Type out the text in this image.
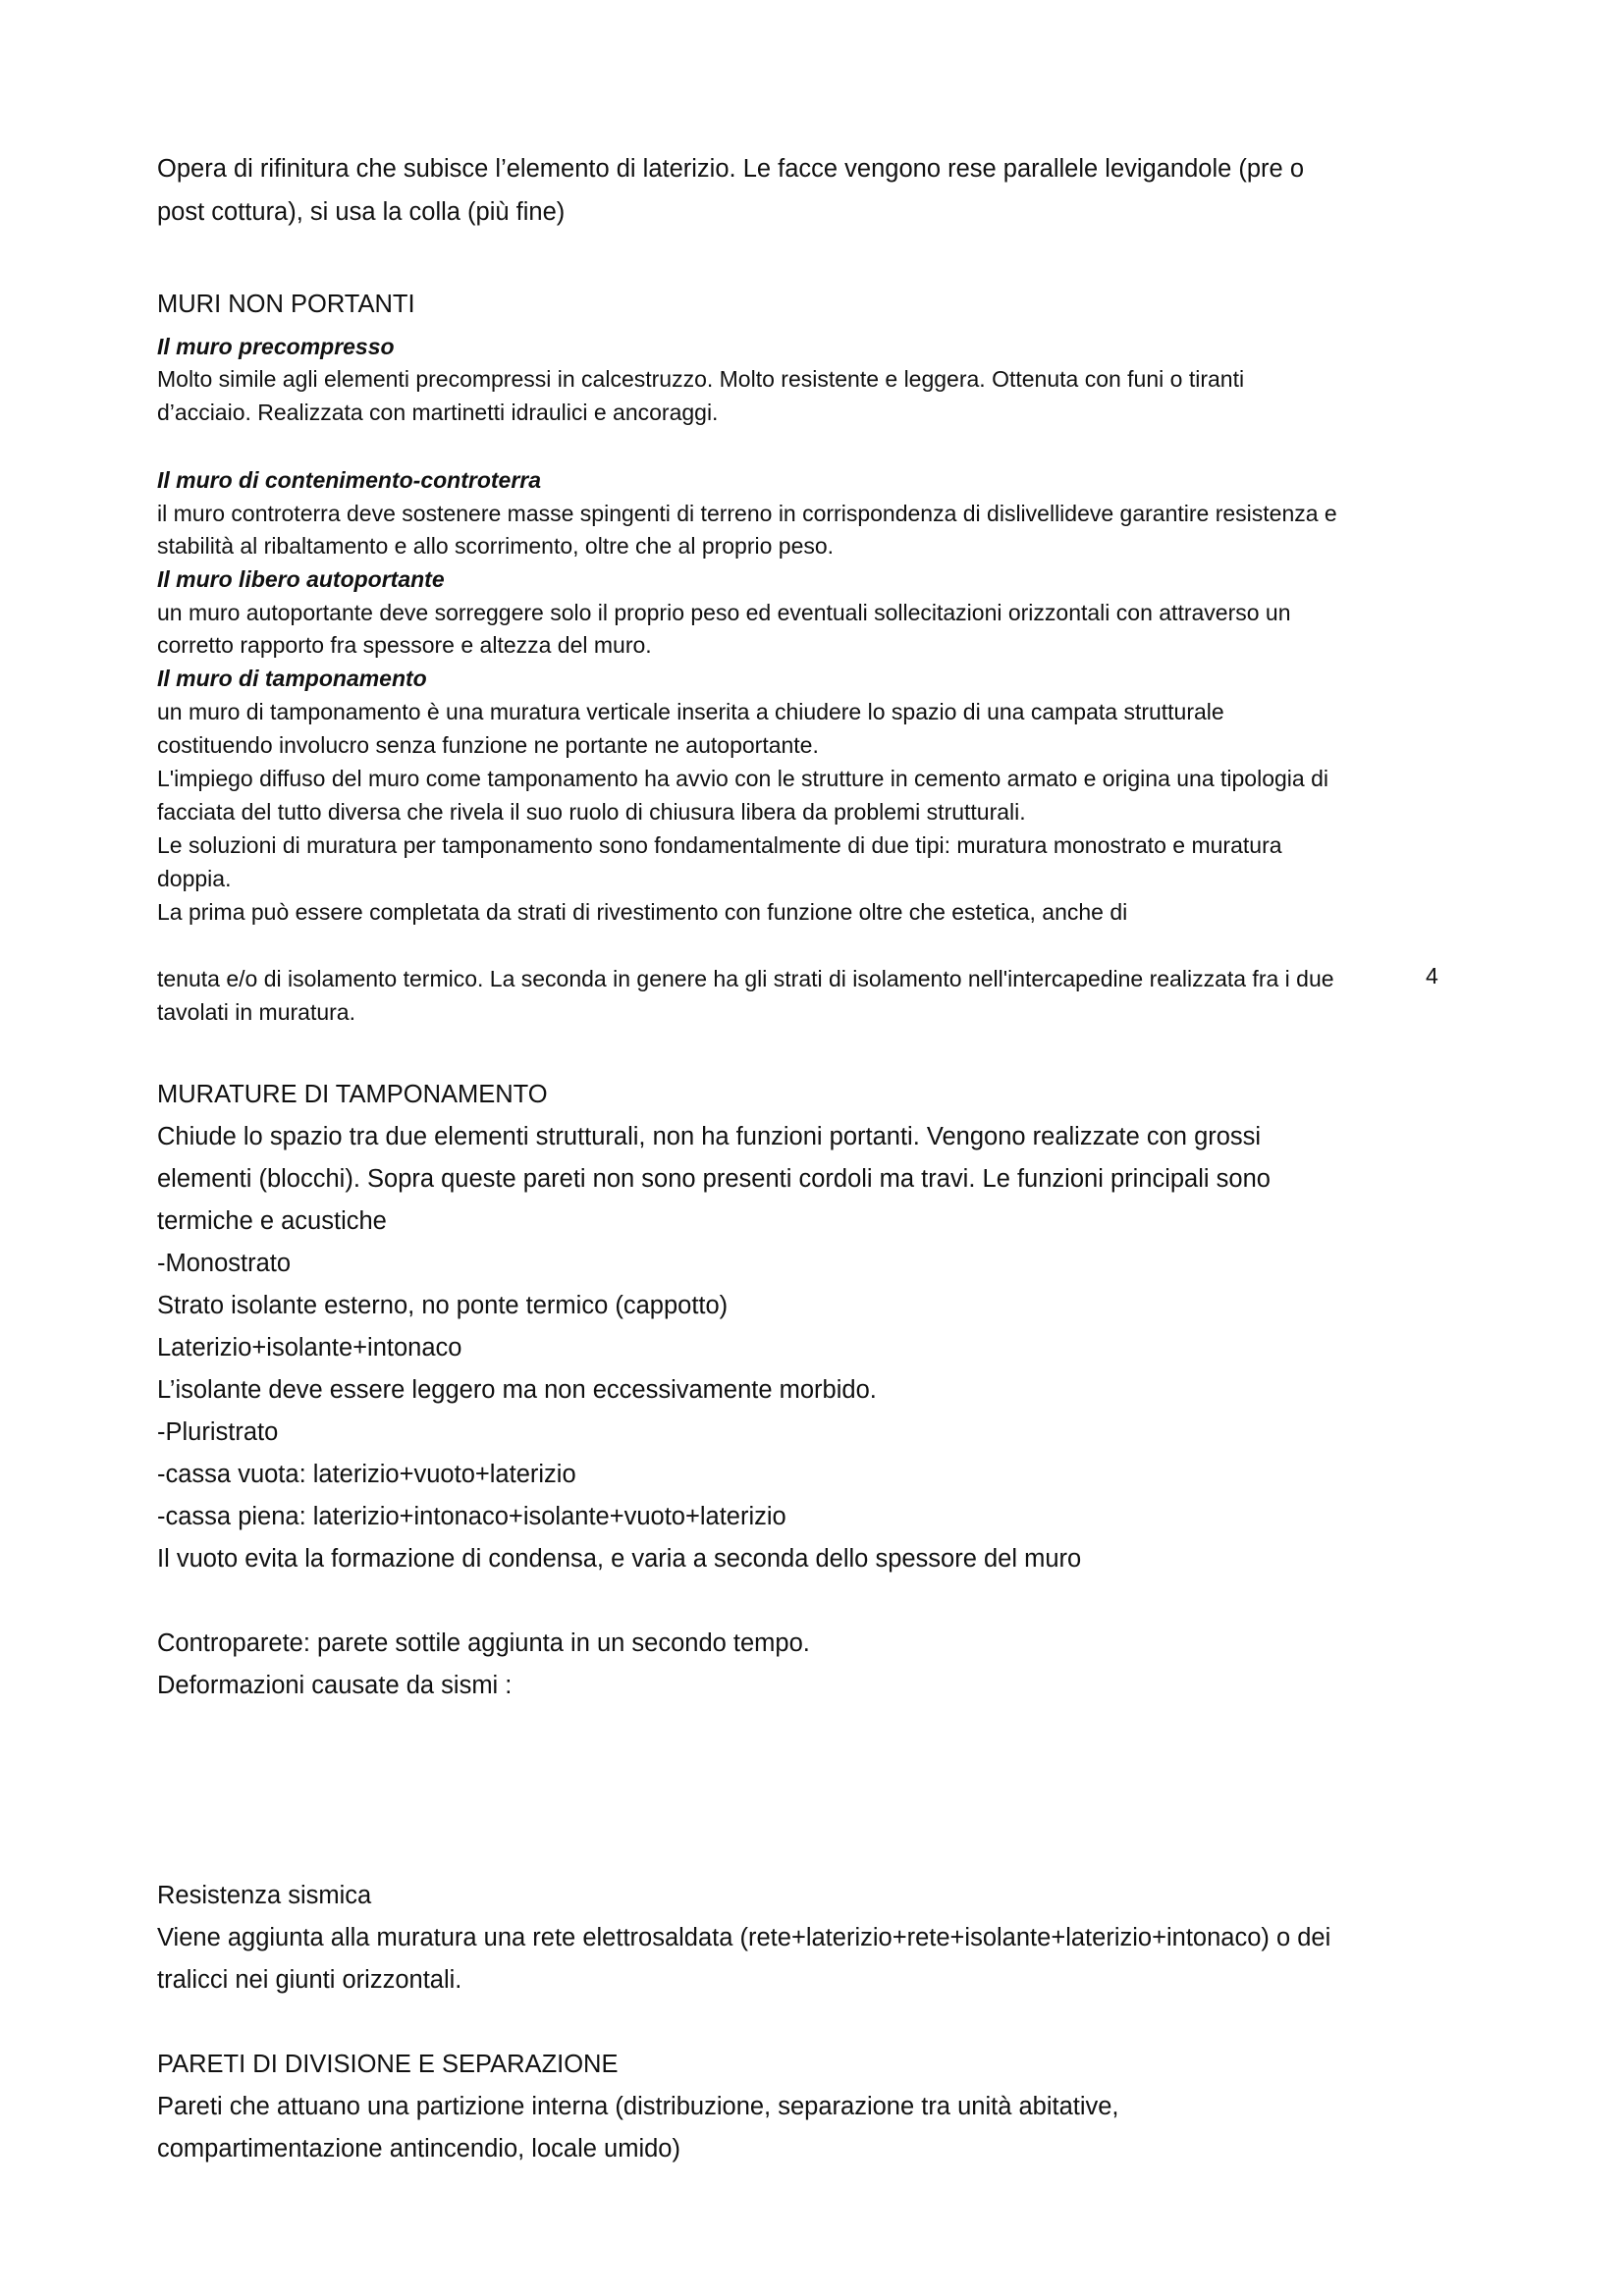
Opera di rifinitura che subisce l’elemento di laterizio. Le facce vengono rese parallele levigandole (pre o

post cottura), si usa la colla (più fine)

MURI NON PORTANTI

Il muro precompresso

Molto simile agli elementi precompressi in calcestruzzo. Molto resistente e leggera. Ottenuta con funi o tiranti

d’acciaio. Realizzata con martinetti idraulici e ancoraggi.

Il muro di contenimento-controterra

il muro controterra deve sostenere masse spingenti di terreno in corrispondenza di dislivellideve garantire resistenza e

stabilità al ribaltamento e allo scorrimento, oltre che al proprio peso.

Il muro libero autoportante

un muro autoportante deve sorreggere solo il proprio peso ed eventuali sollecitazioni orizzontali con attraverso un

corretto rapporto fra spessore e altezza del muro.

Il muro di tamponamento

un muro di tamponamento è una muratura verticale inserita a chiudere lo spazio di una campata strutturale

costituendo involucro senza funzione ne portante ne autoportante.

L'impiego diffuso del muro come tamponamento ha avvio con le strutture in cemento armato e origina una tipologia di

facciata del tutto diversa che rivela il suo ruolo di chiusura libera da problemi strutturali.

Le soluzioni di muratura per tamponamento sono fondamentalmente di due tipi: muratura monostrato e muratura

doppia.

La prima può essere completata da strati di rivestimento con funzione oltre che estetica, anche di

4

tenuta e/o di isolamento termico. La seconda in genere ha gli strati di isolamento nell'intercapedine realizzata fra i due

tavolati in muratura.

MURATURE DI TAMPONAMENTO

Chiude lo spazio tra due elementi strutturali, non ha funzioni portanti. Vengono realizzate con grossi

elementi (blocchi). Sopra queste pareti non sono presenti cordoli ma travi. Le funzioni principali sono

termiche e acustiche

-Monostrato

Strato isolante esterno, no ponte termico (cappotto)

Laterizio+isolante+intonaco

L’isolante deve essere leggero ma non eccessivamente morbido.

-Pluristrato

-cassa vuota: laterizio+vuoto+laterizio

-cassa piena: laterizio+intonaco+isolante+vuoto+laterizio

Il vuoto evita la formazione di condensa, e varia a seconda dello spessore del muro

Controparete: parete sottile aggiunta in un secondo tempo.

Deformazioni causate da sismi :

Resistenza sismica

Viene aggiunta alla muratura una rete elettrosaldata (rete+laterizio+rete+isolante+laterizio+intonaco) o dei

tralicci nei giunti orizzontali.

PARETI DI DIVISIONE E SEPARAZIONE

Pareti che attuano una partizione interna (distribuzione, separazione tra unità abitative,

compartimentazione antincendio, locale umido)
